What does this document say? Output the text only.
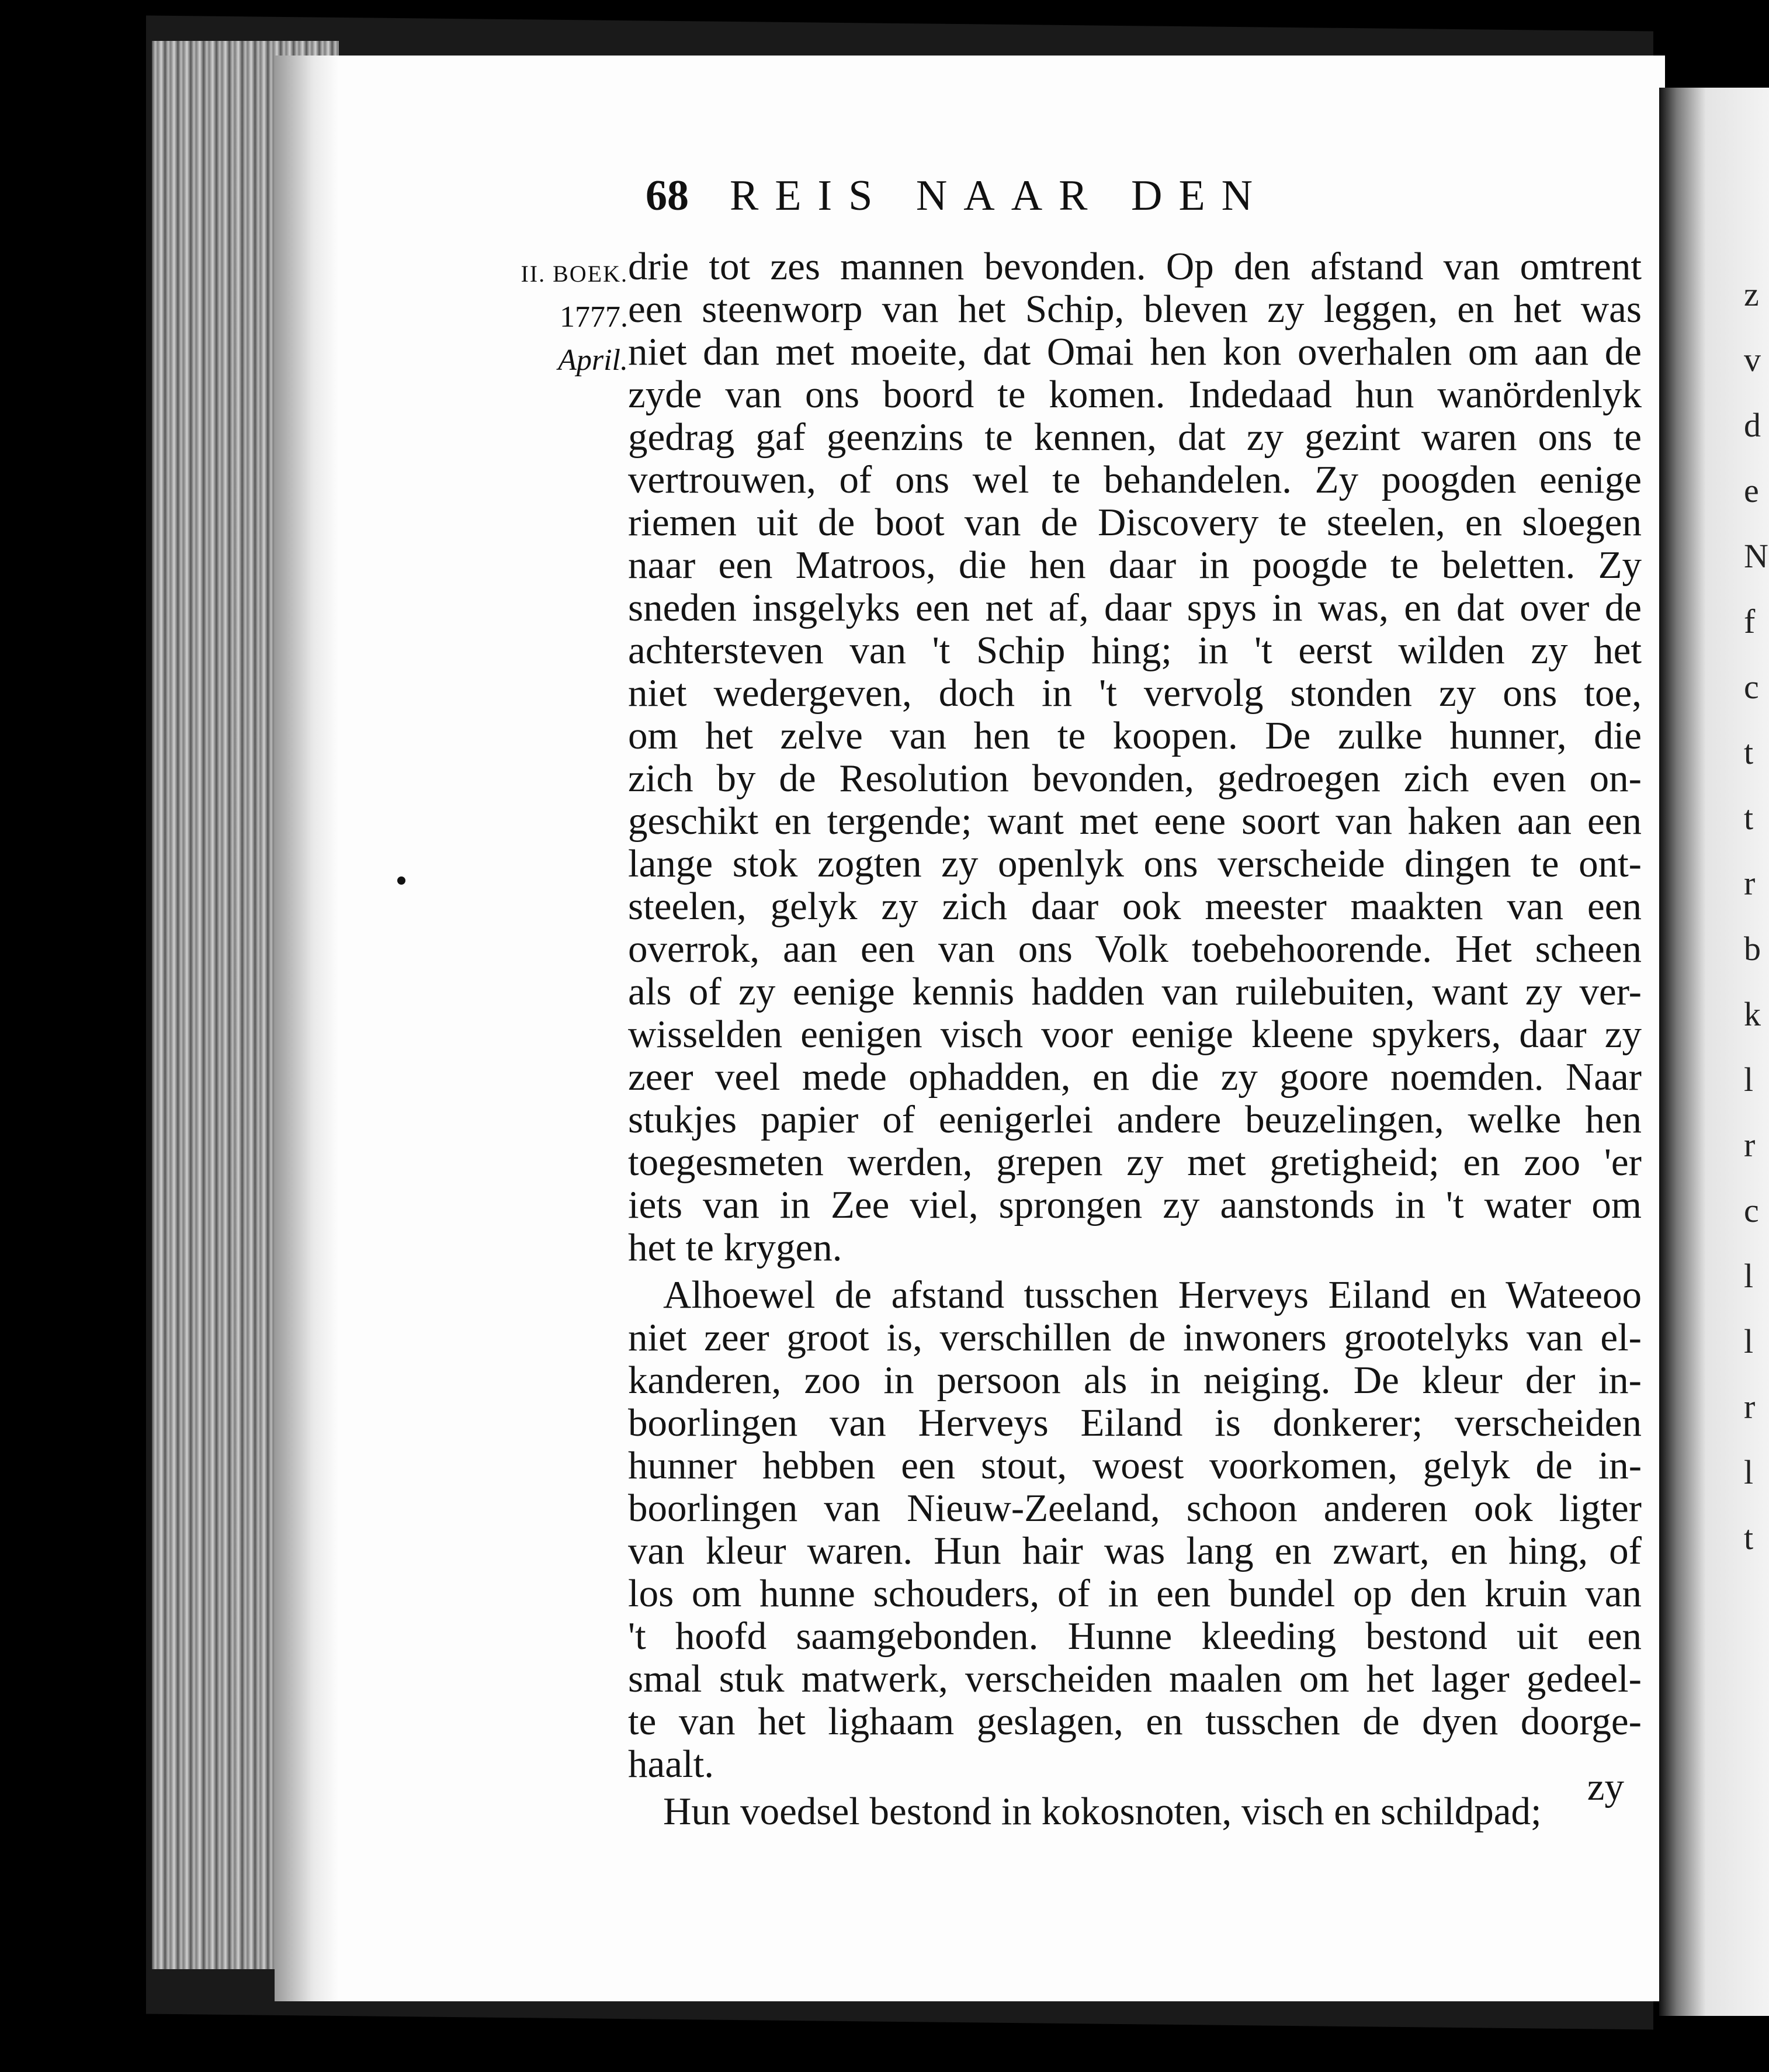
z
v
d
e
N
f
c
t
t
r
b
k
l
r
c
l
l
r
l
t
68 REIS NAAR DEN
II. BOEK.
1777.
April.
drie tot zes mannen bevonden. Op den afstand van omtrent
een steenworp van het Schip, bleven zy leggen, en het was
niet dan met moeite, dat Omai hen kon overhalen om aan de
zyde van ons boord te komen. Indedaad hun wanördenlyk
gedrag gaf geenzins te kennen, dat zy gezint waren ons te
vertrouwen, of ons wel te behandelen. Zy poogden eenige
riemen uit de boot van de Discovery te steelen, en sloegen
naar een Matroos, die hen daar in poogde te beletten. Zy
sneden insgelyks een net af, daar spys in was, en dat over de
achtersteven van 't Schip hing; in 't eerst wilden zy het
niet wedergeven, doch in 't vervolg stonden zy ons toe,
om het zelve van hen te koopen. De zulke hunner, die
zich by de Resolution bevonden, gedroegen zich even on-
geschikt en tergende; want met eene soort van haken aan een
lange stok zogten zy openlyk ons verscheide dingen te ont-
steelen, gelyk zy zich daar ook meester maakten van een
overrok, aan een van ons Volk toebehoorende. Het scheen
als of zy eenige kennis hadden van ruilebuiten, want zy ver-
wisselden eenigen visch voor eenige kleene spykers, daar zy
zeer veel mede ophadden, en die zy goore noemden. Naar
stukjes papier of eenigerlei andere beuzelingen, welke hen
toegesmeten werden, grepen zy met gretigheid; en zoo 'er
iets van in Zee viel, sprongen zy aanstonds in 't water om
het te krygen.
Alhoewel de afstand tusschen Herveys Eiland en Wateeoo
niet zeer groot is, verschillen de inwoners grootelyks van el-
kanderen, zoo in persoon als in neiging. De kleur der in-
boorlingen van Herveys Eiland is donkerer; verscheiden
hunner hebben een stout, woest voorkomen, gelyk de in-
boorlingen van Nieuw-Zeeland, schoon anderen ook ligter
van kleur waren. Hun hair was lang en zwart, en hing, of
los om hunne schouders, of in een bundel op den kruin van
't hoofd saamgebonden. Hunne kleeding bestond uit een
smal stuk matwerk, verscheiden maalen om het lager gedeel-
te van het lighaam geslagen, en tusschen de dyen doorge-
haalt.
Hun voedsel bestond in kokosnoten, visch en schildpad;
zy
